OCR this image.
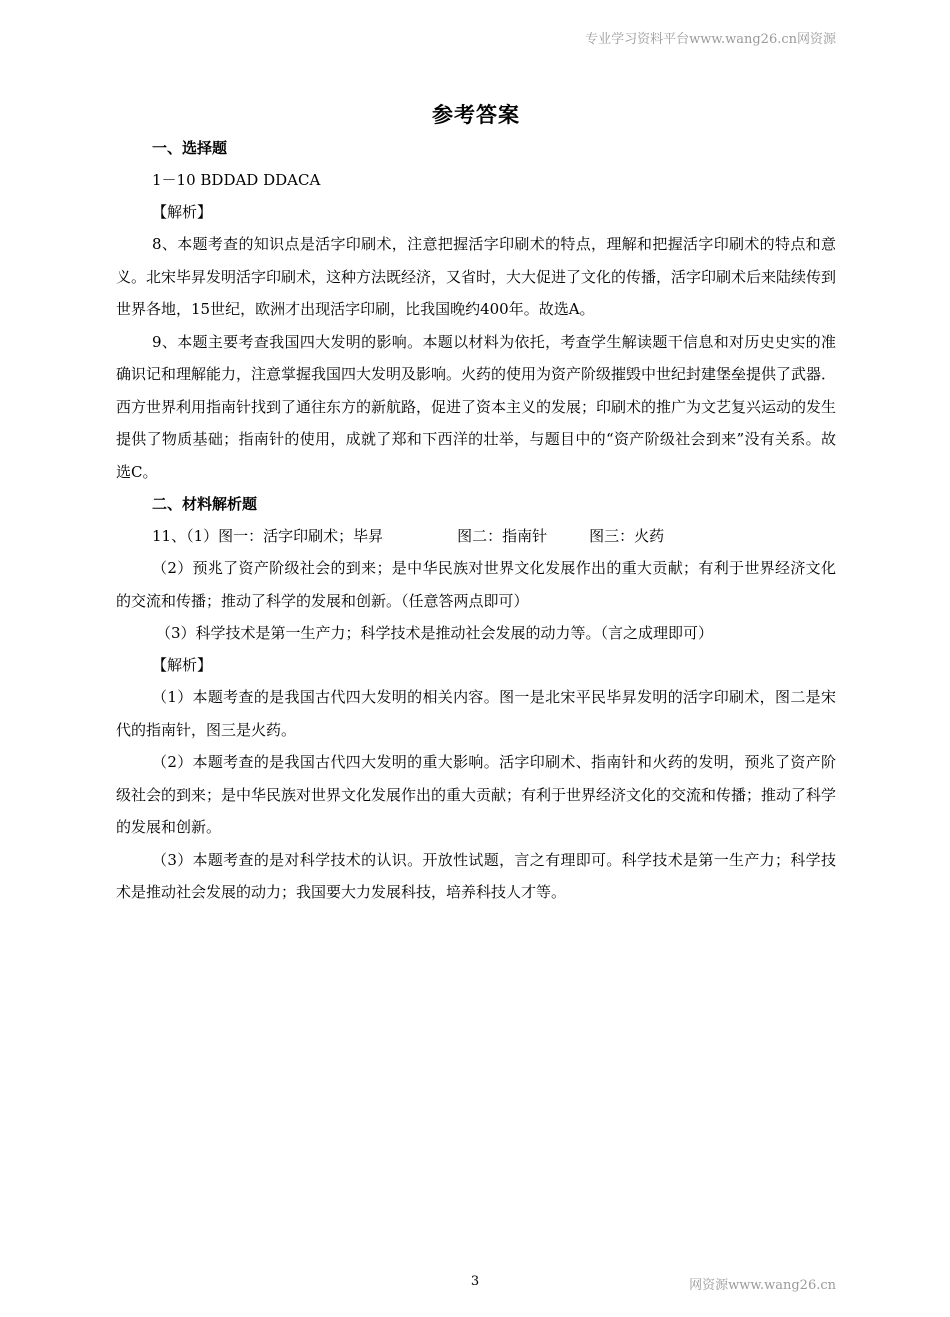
专业学习资料平台www.wang26.cn网资源
参考答案
一、选择题
1－10 BDDAD DDACA
【解析】
8、本题考查的知识点是活字印刷术，注意把握活字印刷术的特点，理解和把握活字印刷术的特点和意义。北宋毕昇发明活字印刷术，这种方法既经济，又省时，大大促进了文化的传播，活字印刷术后来陆续传到世界各地，15世纪，欧洲才出现活字印刷，比我国晚约400年。故选A。
9、本题主要考查我国四大发明的影响。本题以材料为依托，考查学生解读题干信息和对历史史实的准确识记和理解能力，注意掌握我国四大发明及影响。火药的使用为资产阶级摧毁中世纪封建堡垒提供了武器．西方世界利用指南针找到了通往东方的新航路，促进了资本主义的发展；印刷术的推广为文艺复兴运动的发生提供了物质基础；指南针的使用，成就了郑和下西洋的壮举，与题目中的“资产阶级社会到来”没有关系。故选C。
二、材料解析题
11、（1）图一：活字印刷术；毕昇	图二：指南针	图三：火药
（2）预兆了资产阶级社会的到来；是中华民族对世界文化发展作出的重大贡献；有利于世界经济文化的交流和传播；推动了科学的发展和创新。（任意答两点即可）
（3）科学技术是第一生产力；科学技术是推动社会发展的动力等。（言之成理即可）
【解析】
（1）本题考查的是我国古代四大发明的相关内容。图一是北宋平民毕昇发明的活字印刷术，图二是宋代的指南针，图三是火药。
（2）本题考查的是我国古代四大发明的重大影响。活字印刷术、指南针和火药的发明，预兆了资产阶级社会的到来；是中华民族对世界文化发展作出的重大贡献；有利于世界经济文化的交流和传播；推动了科学的发展和创新。
（3）本题考查的是对科学技术的认识。开放性试题，言之有理即可。科学技术是第一生产力；科学技术是推动社会发展的动力；我国要大力发展科技，培养科技人才等。
3	网资源www.wang26.cn
